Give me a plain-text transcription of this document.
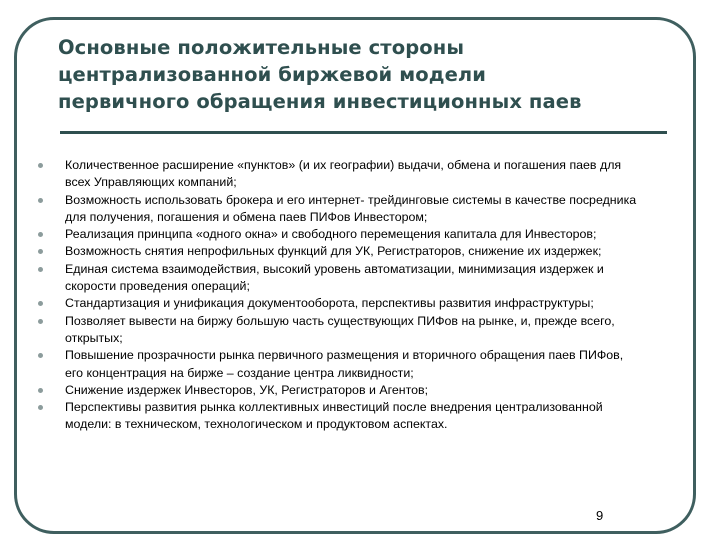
Основные положительные стороны
централизованной биржевой модели
первичного обращения инвестиционных паев
Количественное расширение «пунктов» (и их географии) выдачи, обмена и погашения паев для
всех Управляющих компаний;
Возможность использовать брокера и его интернет- трейдинговые системы в качестве посредника
для получения, погашения и обмена паев ПИФов Инвестором;
Реализация принципа «одного окна» и свободного перемещения капитала для Инвесторов;
Возможность снятия непрофильных функций для УК, Регистраторов, снижение их издержек;
Единая система взаимодействия, высокий уровень автоматизации, минимизация издержек и
скорости проведения операций;
Стандартизация и унификация документооборота, перспективы развития инфраструктуры;
Позволяет вывести на биржу большую часть существующих ПИФов на рынке, и, прежде всего,
открытых;
Повышение прозрачности рынка первичного размещения и вторичного обращения паев ПИФов,
его концентрация на бирже – создание центра ликвидности;
Снижение издержек Инвесторов, УК, Регистраторов и Агентов;
Перспективы развития рынка коллективных инвестиций после внедрения централизованной
модели: в техническом, технологическом и продуктовом аспектах.
9
